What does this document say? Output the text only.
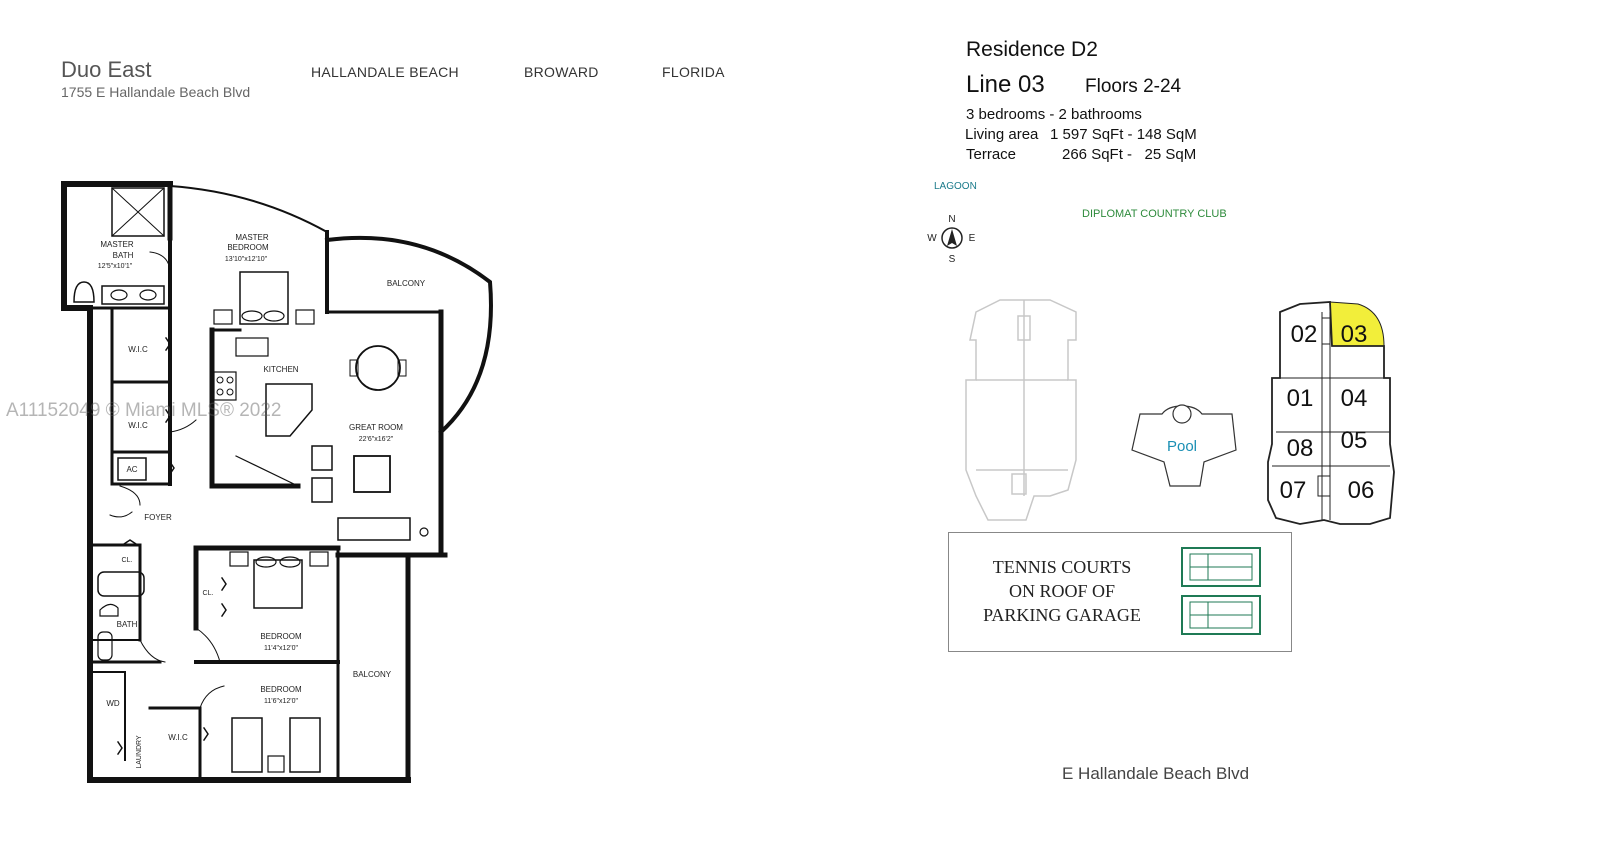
Duo East
1755 E Hallandale Beach Blvd
HALLANDALE BEACH	BROWARD	FLORIDA
Residence D2
Line 03 Floors 2-24
3 bedrooms - 2 bathrooms
Living area 1 597 SqFt - 148 SqM
Terrace	266 SqFt -   25 SqM
LAGOON
DIPLOMAT COUNTRY CLUB
MASTER
BATH
12'5"x10'1"
MASTER
BEDROOM
13'10"x12'10"
BALCONY
W.I.C
W.I.C
KITCHEN
GREAT ROOM
22'6"x16'2"
AC
FOYER
CL.
CL.
BATH
BEDROOM
11'4"x12'0"
BALCONY
BEDROOM
11'6"x12'0"
WD
LAUNDRY	W.I.C
N
S
E
W
Pool
02 03
01 04
08 05
07 06
TENNIS COURTS ON ROOF OF PARKING GARAGE
E Hallandale Beach Blvd
A11152049 © Miami MLS® 2022
